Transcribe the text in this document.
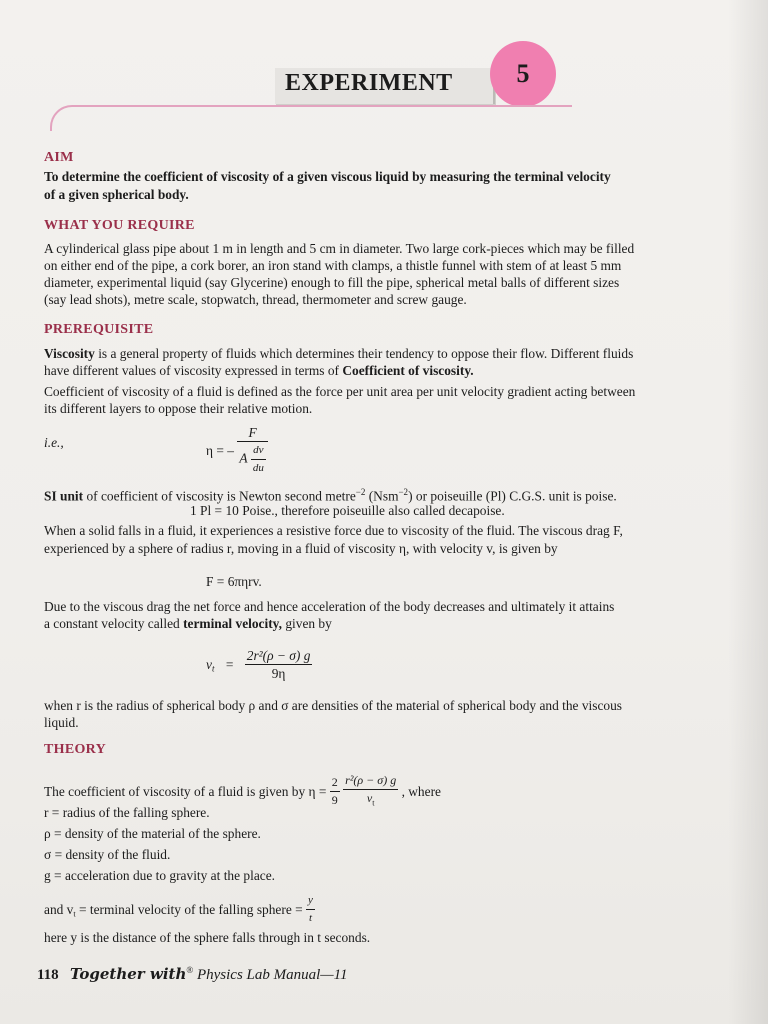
EXPERIMENT	5
AIM
To determine the coefficient of viscosity of a given viscous liquid by measuring the terminal velocity
of a given spherical body.
WHAT YOU REQUIRE
A cylinderical glass pipe about 1 m in length and 5 cm in diameter. Two large cork-pieces which may be filled
on either end of the pipe, a cork borer, an iron stand with clamps, a thistle funnel with stem of at least 5 mm
diameter, experimental liquid (say Glycerine) enough to fill the pipe, spherical metal balls of different sizes
(say lead shots), metre scale, stopwatch, thread, thermometer and screw gauge.
PREREQUISITE
Viscosity is a general property of fluids which determines their tendency to oppose their flow. Different fluids
have different values of viscosity expressed in terms of Coefficient of viscosity.
Coefficient of viscosity of a fluid is defined as the force per unit area per unit velocity gradient acting between
its different layers to oppose their relative motion.
i.e.,
η = – $\frac{F}{A \frac{dv}{du}}$
SI unit of coefficient of viscosity is Newton second metre$^{-2}$ (Nsm$^{-2}$) or poiseuille (Pl) C.G.S. unit is poise.
1 Pl = 10 Poise., therefore poiseuille also called decapoise.
When a solid falls in a fluid, it experiences a resistive force due to viscosity of the fluid. The viscous drag F,
experienced by a sphere of radius r, moving in a fluid of viscosity η, with velocity v, is given by
F = 6πηrv.
Due to the viscous drag the net force and hence acceleration of the body decreases and ultimately it attains
a constant velocity called terminal velocity, given by
$v_t = \frac{\text{2r²(ρ − σ) g}}{9\eta}$
when r is the radius of spherical body ρ and σ are densities of the material of spherical body and the viscous
liquid.
THEORY
The coefficient of viscosity of a fluid is given by $\eta = \frac{2}{9}$
$\frac{\text{r²(ρ − σ) g}}{v_t}$ , where
r = radius of the falling sphere.
ρ = density of the material of the sphere.
σ = density of the fluid.
g = acceleration due to gravity at the place.
and $v_t$ = terminal velocity of the falling sphere = $\frac{y}{t}$
here y is the distance of the sphere falls through in t seconds.
118 Together with® Physics Lab Manual—11
